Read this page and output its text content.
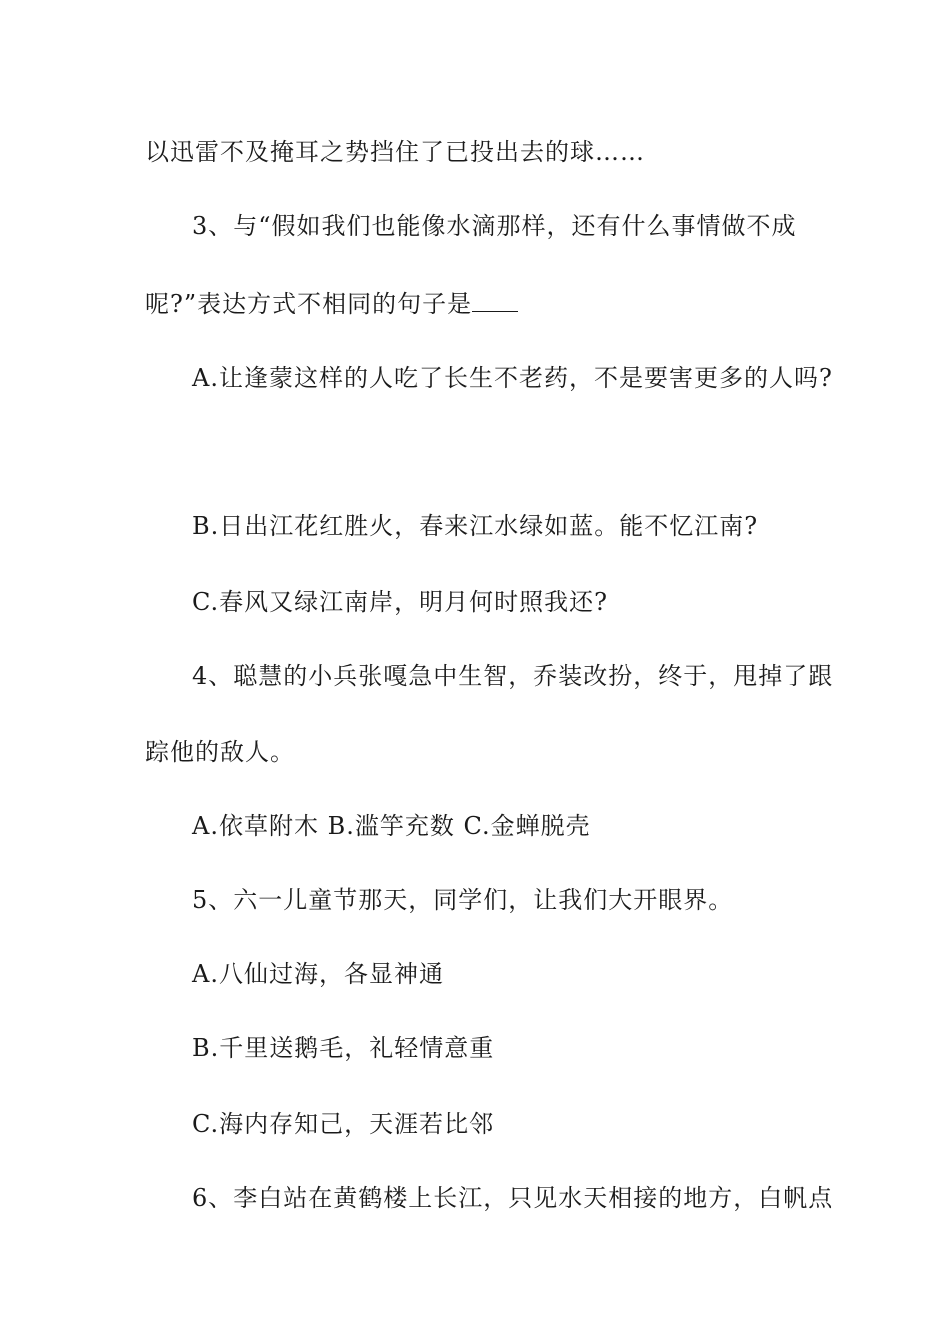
以迅雷不及掩耳之势挡住了已投出去的球……
3、与“假如我们也能像水滴那样，还有什么事情做不成
呢?”表达方式不相同的句子是
A.让逢蒙这样的人吃了长生不老药，不是要害更多的人吗?
B.日出江花红胜火，春来江水绿如蓝。能不忆江南?
C.春风又绿江南岸，明月何时照我还?
4、聪慧的小兵张嘎急中生智，乔装改扮，终于，甩掉了跟
踪他的敌人。
A.依草附木 B.滥竽充数 C.金蝉脱壳
5、六一儿童节那天，同学们，让我们大开眼界。
A.八仙过海，各显神通
B.千里送鹅毛，礼轻情意重
C.海内存知己，天涯若比邻
6、李白站在黄鹤楼上长江，只见水天相接的地方，白帆点
